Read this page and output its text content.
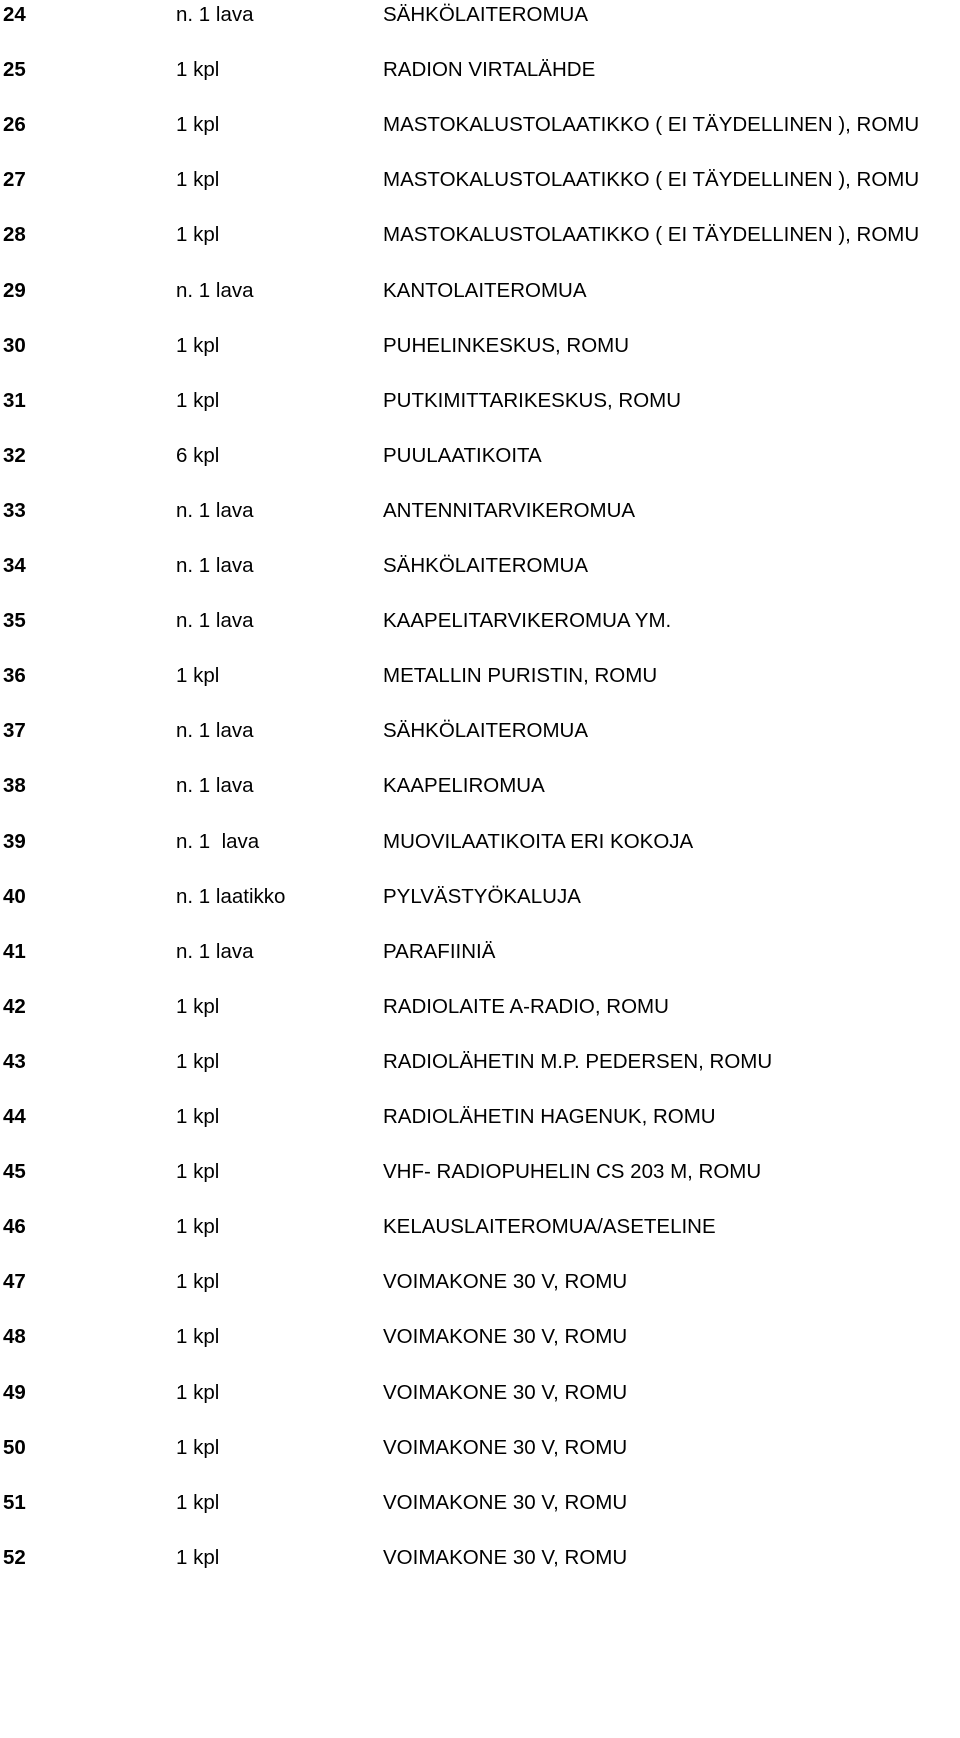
24

	n. 1 lava

	SÄHKÖLAITEROMUA

25

	1 kpl

	RADION VIRTALÄHDE

26

	1 kpl

	MASTOKALUSTOLAATIKKO ( EI TÄYDELLINEN ), ROMU

27

	1 kpl

	MASTOKALUSTOLAATIKKO ( EI TÄYDELLINEN ), ROMU

28

	1 kpl

	MASTOKALUSTOLAATIKKO ( EI TÄYDELLINEN ), ROMU

29

	n. 1 lava

	KANTOLAITEROMUA

30

	1 kpl

	PUHELINKESKUS, ROMU

31

	1 kpl

	PUTKIMITTARIKESKUS, ROMU

32

	6 kpl

	PUULAATIKOITA

33

	n. 1 lava

	ANTENNITARVIKEROMUA

34

	n. 1 lava

	SÄHKÖLAITEROMUA

35

	n. 1 lava

	KAAPELITARVIKEROMUA YM.

36

	1 kpl

	METALLIN PURISTIN, ROMU

37

	n. 1 lava

	SÄHKÖLAITEROMUA

38

	n. 1 lava

	KAAPELIROMUA

39

	n. 1  lava

	MUOVILAATIKOITA ERI KOKOJA

40

	n. 1 laatikko

	PYLVÄSTYÖKALUJA

41

	n. 1 lava

	PARAFIINIÄ

42

	1 kpl

	RADIOLAITE A-RADIO, ROMU

43

	1 kpl

	RADIOLÄHETIN M.P. PEDERSEN, ROMU

44

	1 kpl

	RADIOLÄHETIN HAGENUK, ROMU

45

	1 kpl

	VHF- RADIOPUHELIN CS 203 M, ROMU

46

	1 kpl

	KELAUSLAITEROMUA/ASETELINE

47

	1 kpl

	VOIMAKONE 30 V, ROMU

48

	1 kpl

	VOIMAKONE 30 V, ROMU

49

	1 kpl

	VOIMAKONE 30 V, ROMU

50

	1 kpl

	VOIMAKONE 30 V, ROMU

51

	1 kpl

	VOIMAKONE 30 V, ROMU

52

	1 kpl

	VOIMAKONE 30 V, ROMU
